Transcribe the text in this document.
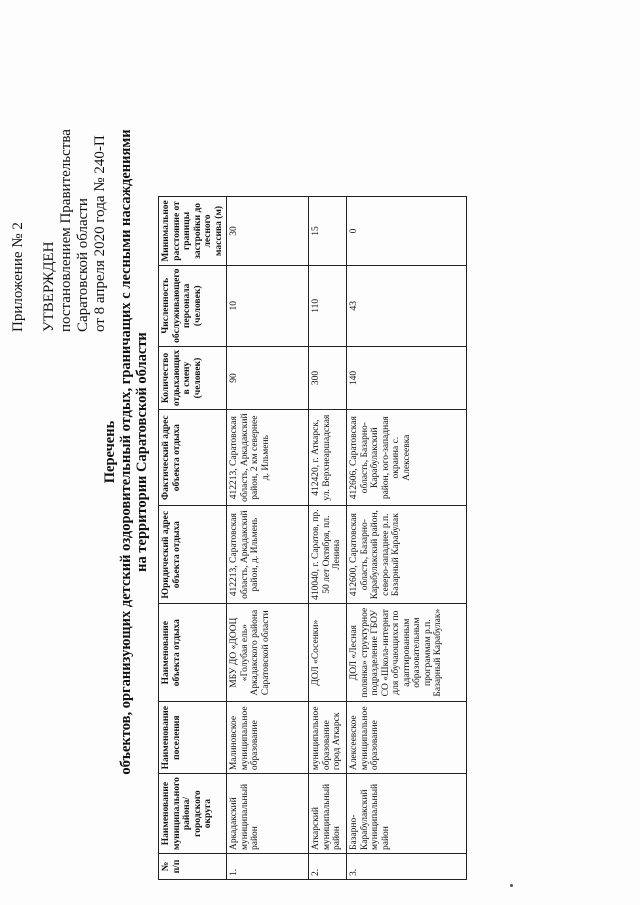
Приложение № 2 УТВЕРЖДЕН постановлением Правительства Саратовской области от 8 апреля 2020 года № 240-П
Перечень объектов, организующих детский оздоровительный отдых, граничащих с лесными насаждениями на территории Саратовской области
№ п/п	Наименование муниципального района/ городского округа	Наименование поселения	Наименование объекта отдыха	Юридический адрес объекта отдыха	Фактический адрес объекта отдыха	Количество отдыхающих в смену (человек)	Численность обслуживающего персонала (человек)	Минимальное расстояние от границы застройки до лесного массива (м)
1.	Аркадакский муниципальный район	Малиновское муниципальное образование	МБУ ДО «ДООЦ «Голубая ель» Аркадакского района Саратовской области	412213, Саратовская область, Аркадакский район, д. Ильмень	412213, Саратовская область, Аркадакский район, 2 км севернее д. Ильмень	90	10	30
2.	Аткарский муниципальный район	муниципальное образование город Аткарск	ДОЛ «Сосенки»	410040, г. Саратов, пр. 50 лет Октября, пл. Ленина	412420, г. Аткарск, ул. Верхнеаршадская	300	110	15
3.	Базарно-Карабулакский муниципальный район	Алексеевское муниципальное образование	ДОЛ «Лесная полянка» структурное подразделение ГБОУ СО «Школа-интернат для обучающихся по адаптированным образовательным программам р.п. Базарный Карабулак»	412600, Саратовская область, Базарно-Карабулакский район, северо-западнее р.п. Базарный Карабулак	412606, Саратовская область, Базарно-Карабулакский район, юго-западная окраина с. Алексеевка	140	43	0
